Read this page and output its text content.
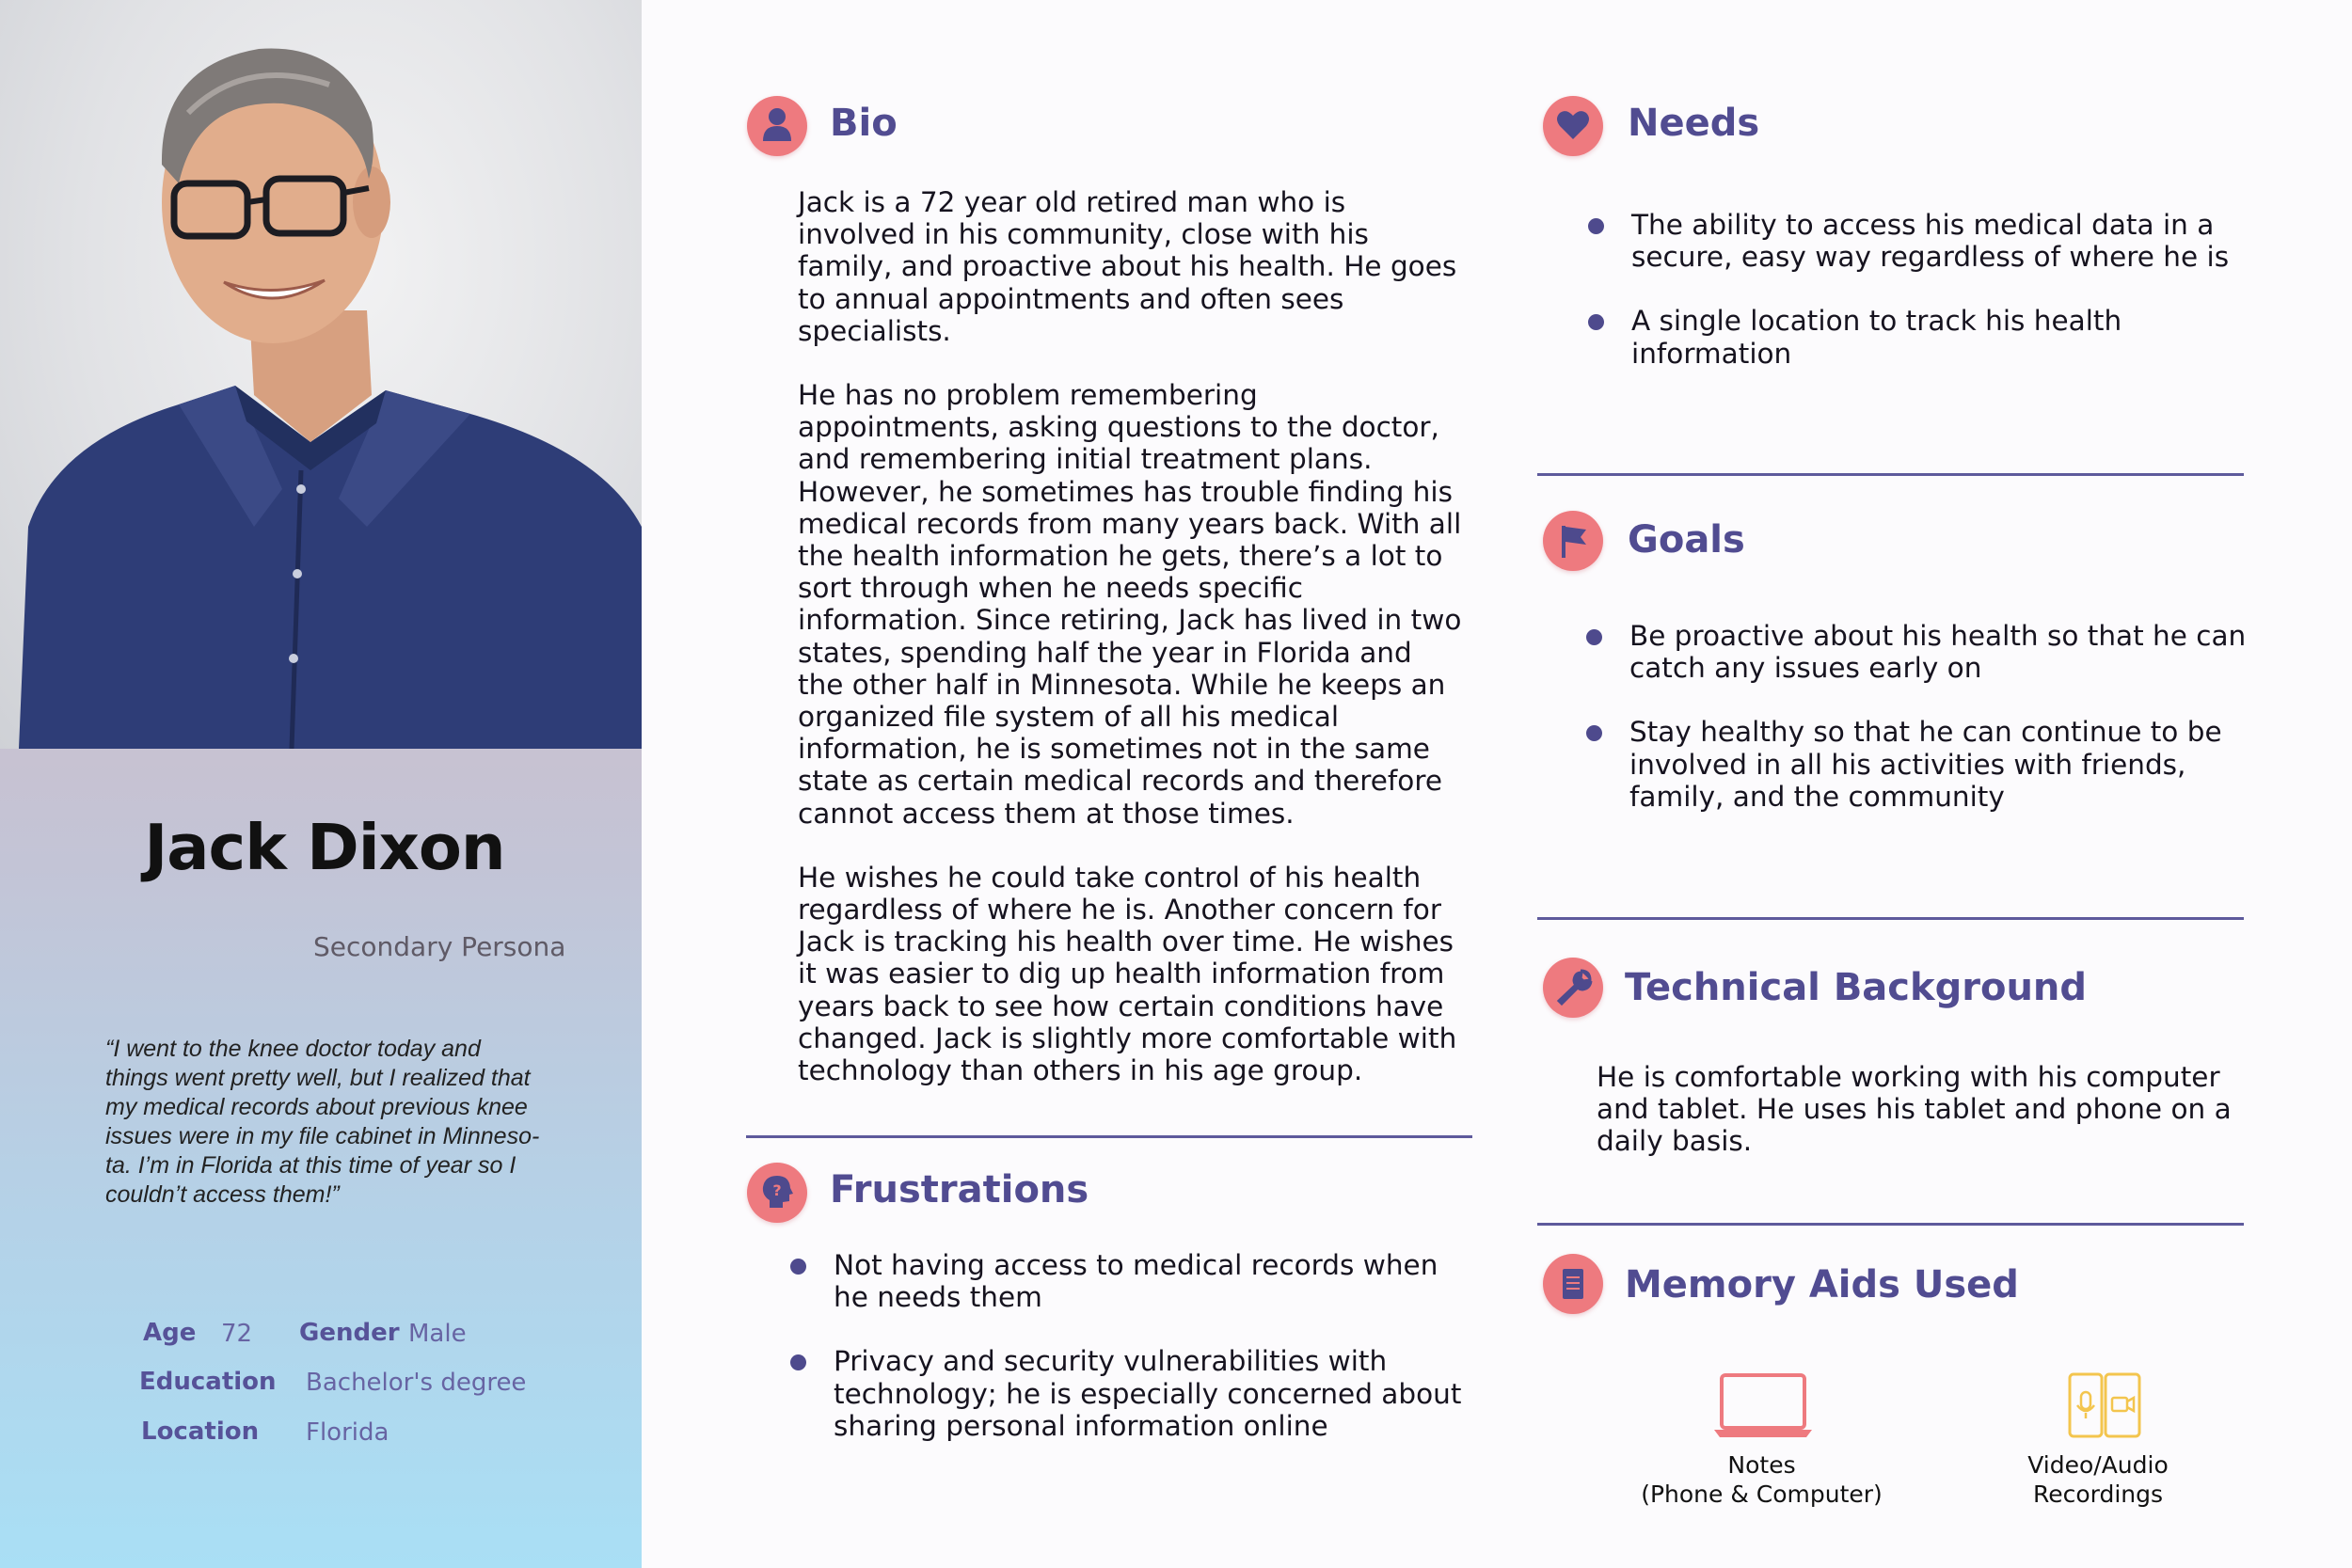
Jack Dixon
Secondary Persona
“I went to the knee doctor today and
things went pretty well, but I realized that
my medical records about previous knee
issues were in my file cabinet in Minneso-
ta. I’m in Florida at this time of year so I
couldn’t access them!”
Age 72 Gender Male
Education Bachelor's degree
Location Florida
Bio

Jack is a 72 year old retired man who is involved in his community, close with his family, and proactive about his health. He goes to annual appointments and often sees specialists.

He has no problem remembering appointments, asking questions to the doctor, and remembering initial treatment plans. However, he sometimes has trouble finding his medical records from many years back. With all the health information he gets, there’s a lot to sort through when he needs specific information. Since retiring, Jack has lived in two states, spending half the year in Florida and the other half in Minnesota. While he keeps an organized file system of all his medical information, he is sometimes not in the same state as certain medical records and therefore cannot access them at those times.

He wishes he could take control of his health regardless of where he is. Another concern for Jack is tracking his health over time. He wishes it was easier to dig up health information from years back to see how certain conditions have changed. Jack is slightly more comfortable with technology than others in his age group.

? Frustrations
Not having access to medical records when he needs them
Privacy and security vulnerabilities with technology; he is especially concerned about sharing personal information online
Needs
The ability to access his medical data in a secure, easy way regardless of where he is
A single location to track his health information
Goals
Be proactive about his health so that he can catch any issues early on
Stay healthy so that he can continue to be involved in all his activities with friends, family, and the community
Technical Background
He is comfortable working with his computer and tablet. He uses his tablet and phone on a daily basis.
Memory Aids Used
Notes
(Phone & Computer)
Video/Audio
Recordings
